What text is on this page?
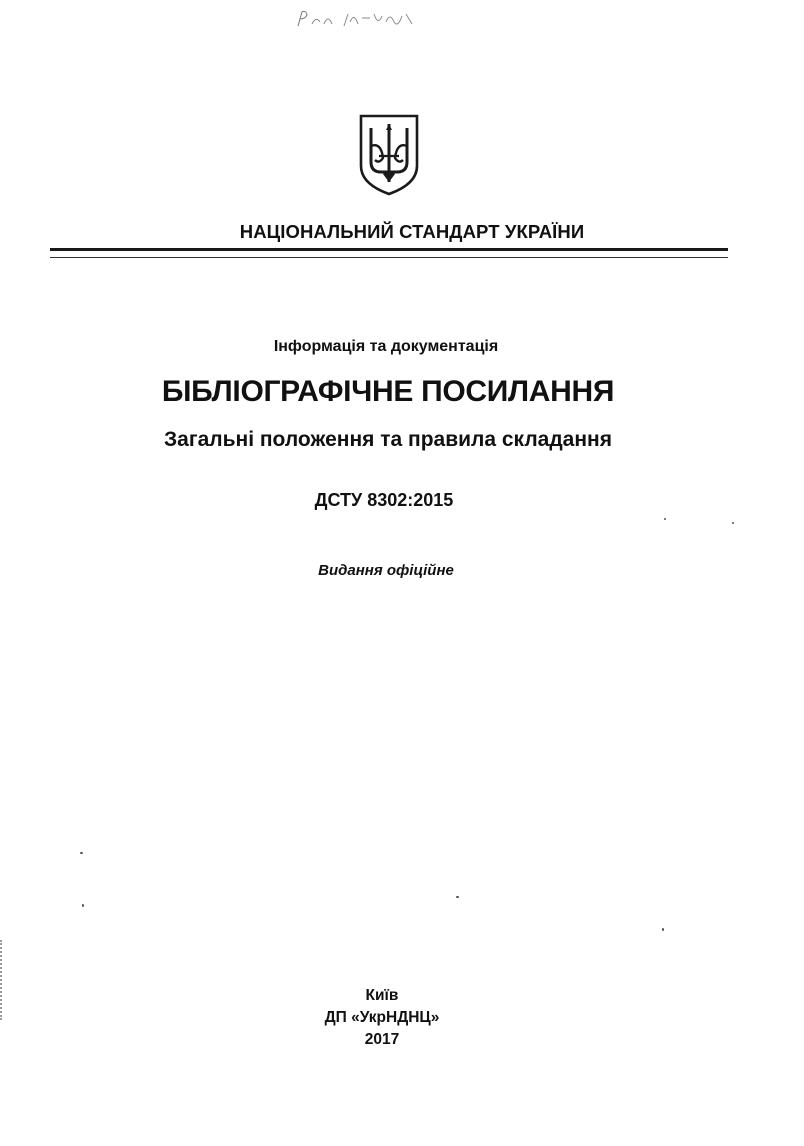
НАЦІОНАЛЬНИЙ СТАНДАРТ УКРАЇНИ
Інформація та документація
БІБЛІОГРАФІЧНЕ ПОСИЛАННЯ
Загальні положення та правила складання
ДСТУ 8302:2015
Видання офіційне
Київ
ДП «УкрНДНЦ»
2017
